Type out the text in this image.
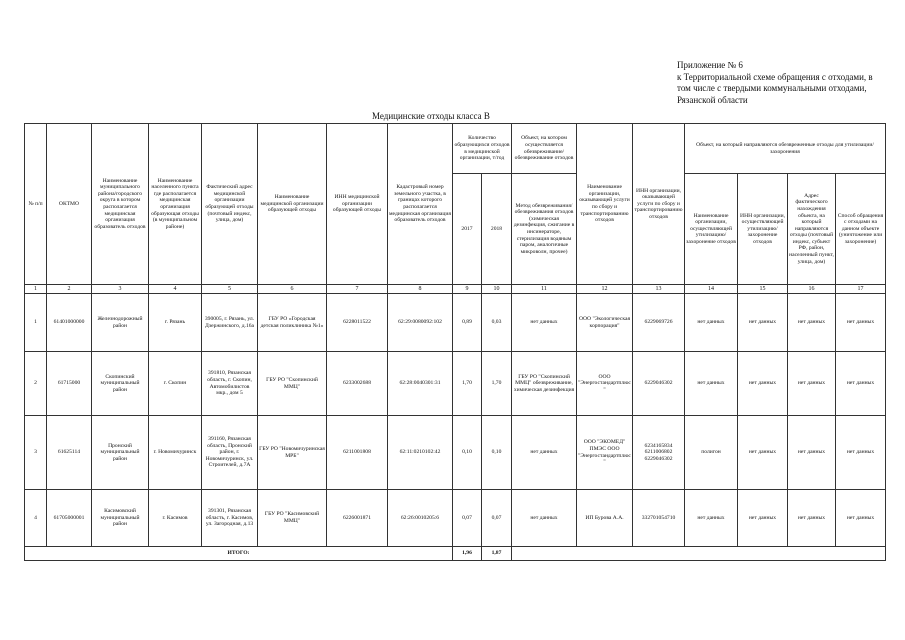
Приложение № 6
к Территориальной схеме обращения с отходами, в
том числе с твердыми коммунальными отходами,
Рязанской области
Медицинские отходы класса В
№ п/п	ОКТМО	Наименование муниципального района/городского округа в котором располагается медицинская организация образователь отходов	Наименование населенного пункта где располагается медицинская организация образующая отходы (в муниципальном районе)	Фактический адрес медицинской организации образующей отходы (почтовый индекс, улица, дом)	Наименование медицинской организации образующей отходы	ИНН медицинской организации образующей отходы	Кадастровый номер земельного участка, в границах которого располагается медицинская организация образователь отходов	Количество образующихся отходов в медицинской организации, т/год		Объект, на котором осуществляется обезвреживание/обезвреживание отходов	Наименование организации, оказывающей услуги по сбору и транспортированию отходов	ИНН организации, оказывающей услуги по сбору и транспортированию отходов	Объект, на который направляются обезвреженные отходы для утилизации/захоронения			
								2017	2018	Метод обезвреживания/обезвреживания отходов (химическая дезинфекция, сжигание в инсинераторе, стерилизация водяным паром, аналогичные микроволн, прочее)			Наименование организации, осуществляющей утилизацию/захоронение отходов	ИНН организации, осуществляющей утилизацию/захоронение отходов	Адрес фактического нахождения объекта, на который направляются отходы (почтовый индекс, субъект РФ, район, населенный пункт, улица, дом)	Способ обращения с отходами на данном объекте (уничтожение или захоронение)
1	2	3	4	5	6	7	8	9	10	11	12	13	14	15	16	17
1	61401000000	Железнодорожный район	г. Рязань	390005, г. Рязань, ул. Дзержинского, д.16а	ГБУ РО «Городская детская поликлиника №1»	6228011522	62:29:0080092:102	0,89	0,03	нет данных	ООО "Экологическая корпорация"	6229069726	нет данных	нет данных	нет данных	нет данных
2	61715000	Скопинский муниципальный район	г. Скопин	391810, Рязанская область, г. Скопин, Автомобилистов мкр., дом 5	ГБУ РО "Скопинский ММЦ"	6233002688	62:28:0040301:31	1,70	1,70	ГБУ РО "Скопинский ММЦ" обезвреживание, химическая дезинфекция	ООО "Энергостандартплюс"	6229046302	нет данных	нет данных	нет данных	нет данных
3	61625114	Пронский муниципальный район	г. Новомичуринск	391160, Рязанская область, Пронский район, г. Новомичуринск, ул. Строителей, д.7А	ГБУ РО "Новомичуринская МРБ"	6211001808	62:11:0210102:42	0,10	0,10	нет данных	ООО "ЭКОМЕД" ПМЭС ООО "Энергостандартплюс"	6234165834 6211006802 6229046302	полигон	нет данных	нет данных	нет данных
4	61705000001	Касимовский муниципальный район	г. Касимов	391301, Рязанская область, г. Касимов, ул. Загородная, д.13	ГБУ РО "Касимовский ММЦ"	6226001871	62:26:0010205:6	0,07	0,07	нет данных	ИП Бурова А.А.	332701054710	нет данных	нет данных	нет данных	нет данных
ИТОГО:								1,96	1,87							
